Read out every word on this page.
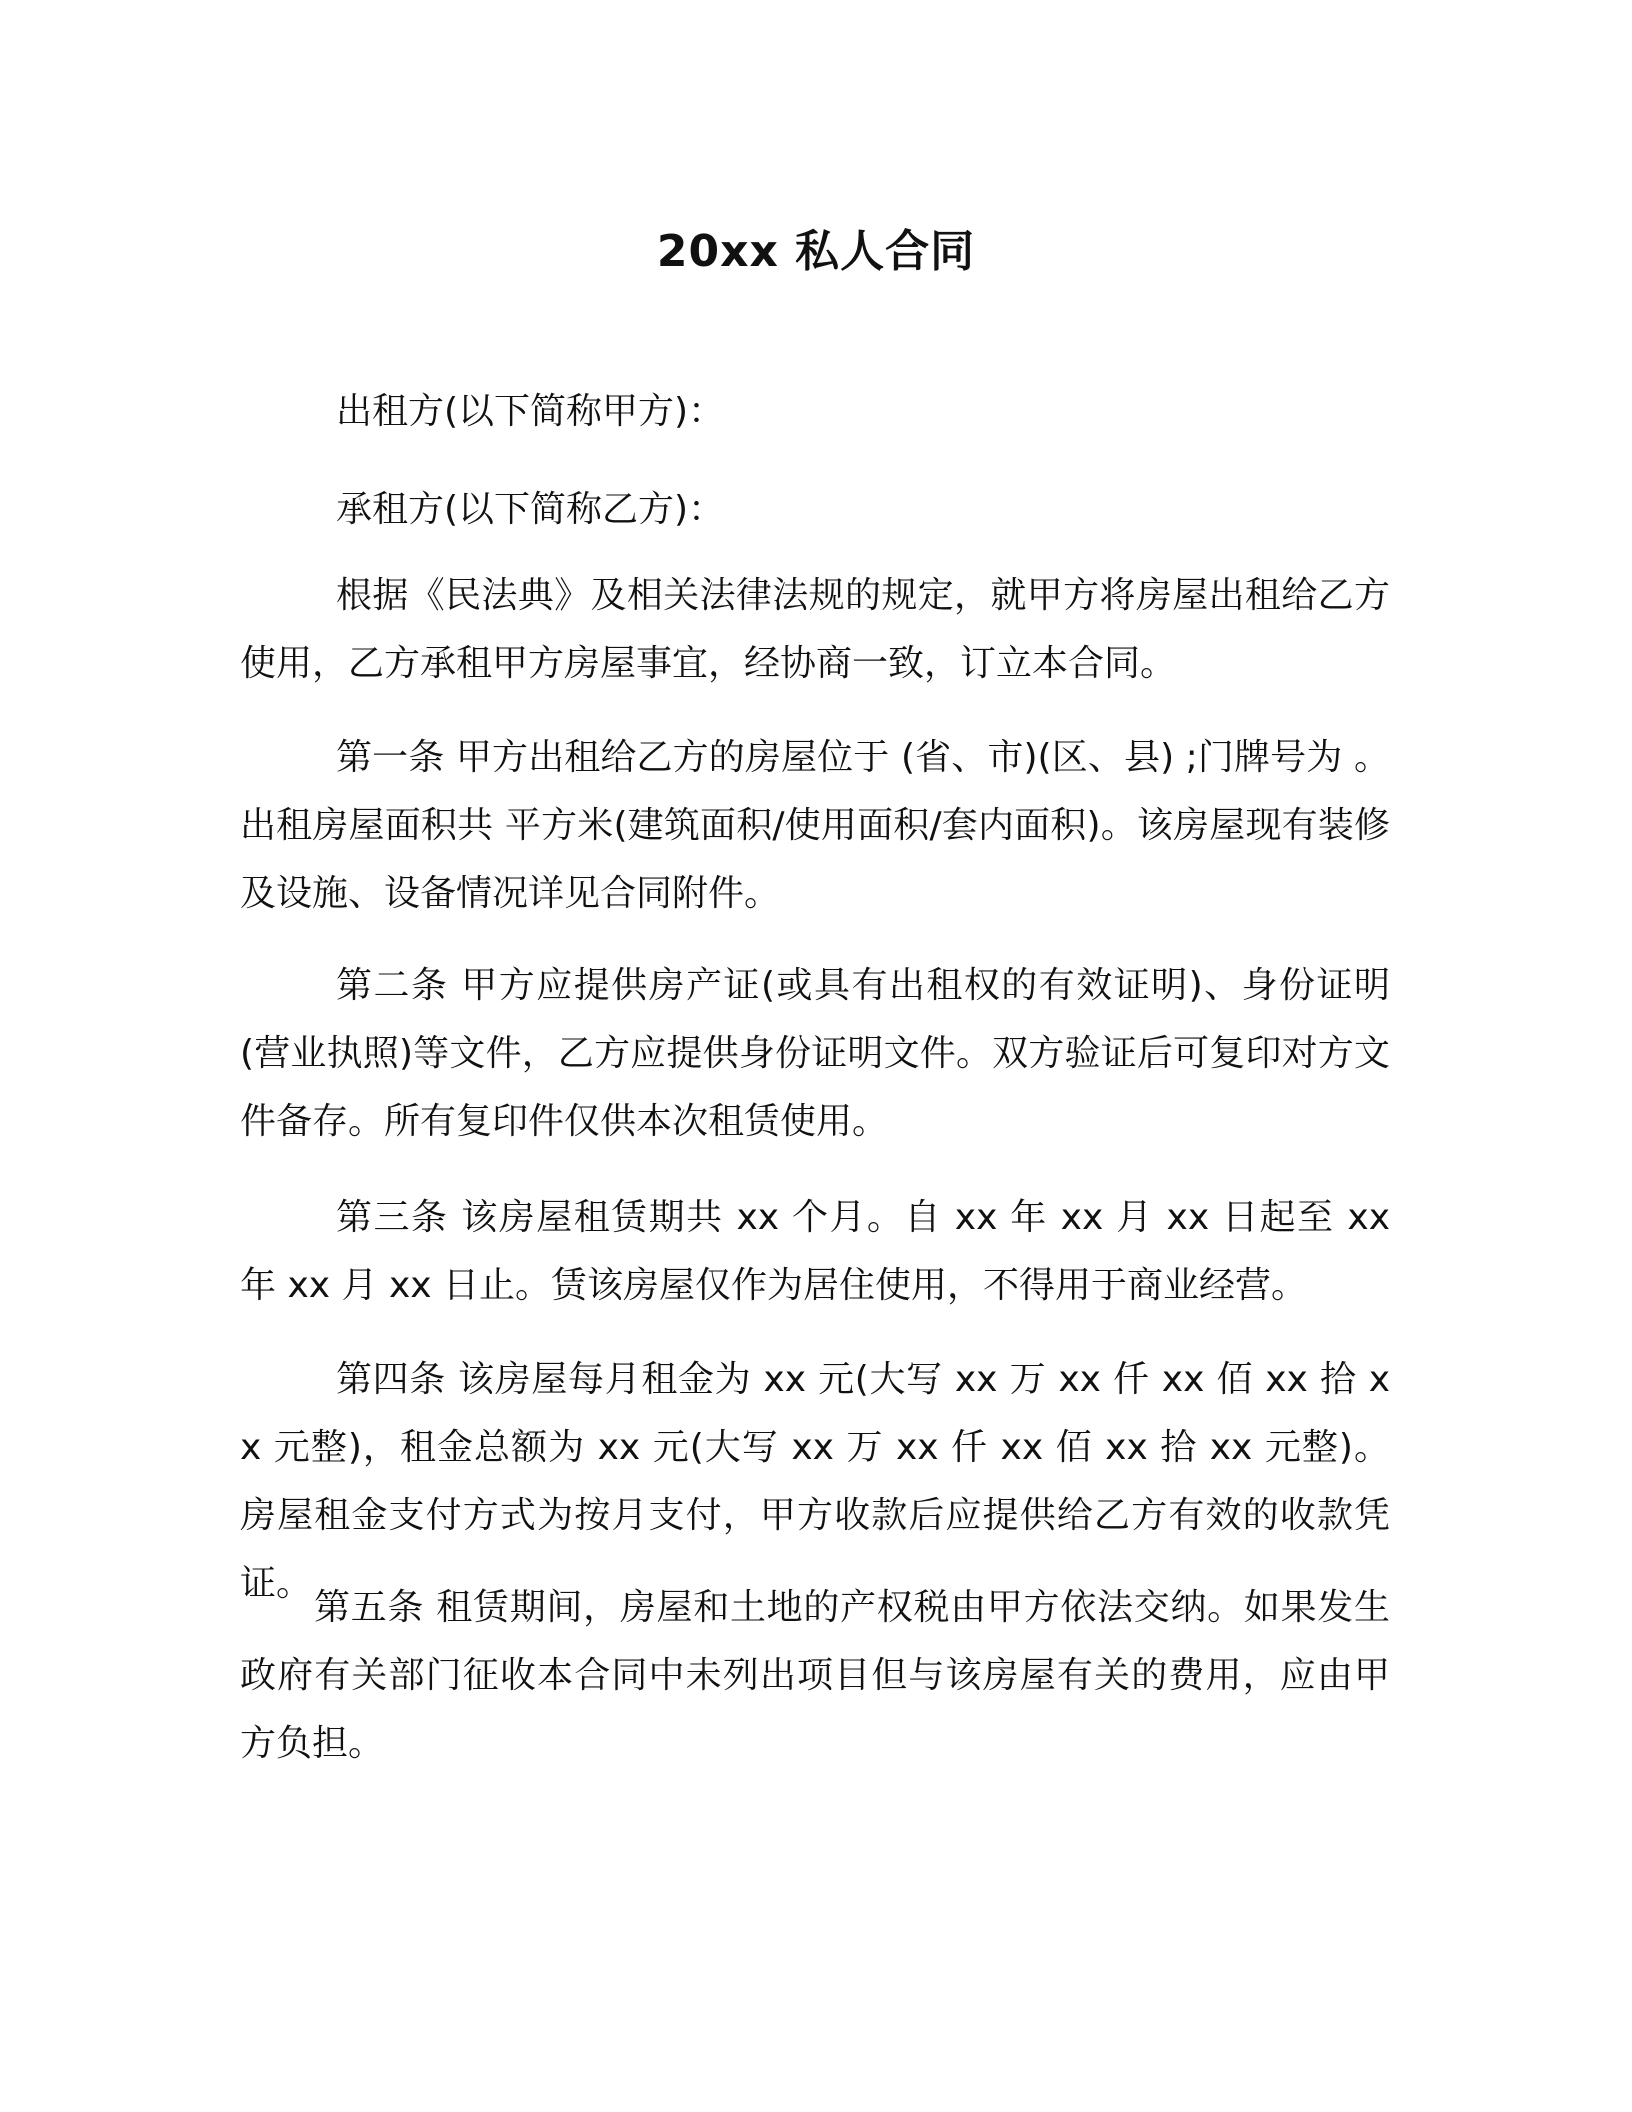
20xx 私人合同

出租方(以下简称甲方)：

承租方(以下简称乙方)：

根据《民法典》及相关法律法规的规定，就甲方将房屋出租给乙方使用，乙方承租甲方房屋事宜，经协商一致，订立本合同。

第一条 甲方出租给乙方的房屋位于 (省、市)(区、县) ;门牌号为 。出租房屋面积共 平方米(建筑面积/使用面积/套内面积)。该房屋现有装修及设施、设备情况详见合同附件。

第二条 甲方应提供房产证(或具有出租权的有效证明)、身份证明(营业执照)等文件，乙方应提供身份证明文件。双方验证后可复印对方文件备存。所有复印件仅供本次租赁使用。

第三条 该房屋租赁期共 xx 个月。自 xx 年 xx 月 xx 日起至 xx 年 xx 月 xx 日止。赁该房屋仅作为居住使用，不得用于商业经营。

第四条 该房屋每月租金为 xx 元(大写 xx 万 xx 仟 xx 佰 xx 拾 xx 元整)，租金总额为 xx 元(大写 xx 万 xx 仟 xx 佰 xx 拾 xx 元整)。 房屋租金支付方式为按月支付，甲方收款后应提供给乙方有效的收款凭证。

第五条 租赁期间，房屋和土地的产权税由甲方依法交纳。如果发生政府有关部门征收本合同中未列出项目但与该房屋有关的费用，应由甲方负担。
